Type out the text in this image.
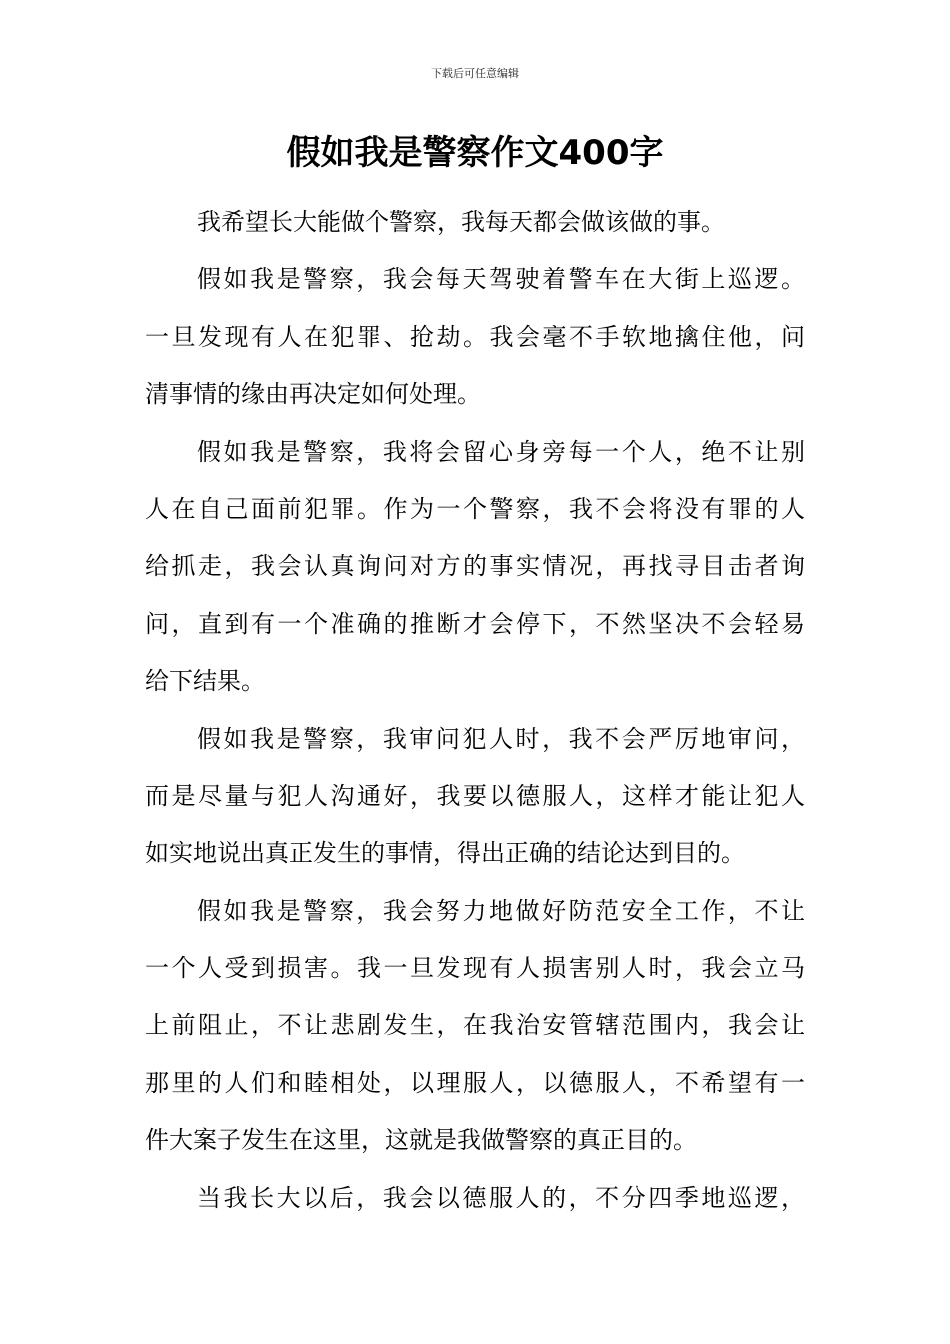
下载后可任意编辑
假如我是警察作文400字
我希望长大能做个警察，我每天都会做该做的事。
假如我是警察，我会每天驾驶着警车在大街上巡逻。
一旦发现有人在犯罪、抢劫。我会毫不手软地擒住他，问
清事情的缘由再决定如何处理。
假如我是警察，我将会留心身旁每一个人，绝不让别
人在自己面前犯罪。作为一个警察，我不会将没有罪的人
给抓走，我会认真询问对方的事实情况，再找寻目击者询
问，直到有一个准确的推断才会停下，不然坚决不会轻易
给下结果。
假如我是警察，我审问犯人时，我不会严厉地审问，
而是尽量与犯人沟通好，我要以德服人，这样才能让犯人
如实地说出真正发生的事情，得出正确的结论达到目的。
假如我是警察，我会努力地做好防范安全工作，不让
一个人受到损害。我一旦发现有人损害别人时，我会立马
上前阻止，不让悲剧发生，在我治安管辖范围内，我会让
那里的人们和睦相处，以理服人，以德服人，不希望有一
件大案子发生在这里，这就是我做警察的真正目的。
当我长大以后，我会以德服人的，不分四季地巡逻，
